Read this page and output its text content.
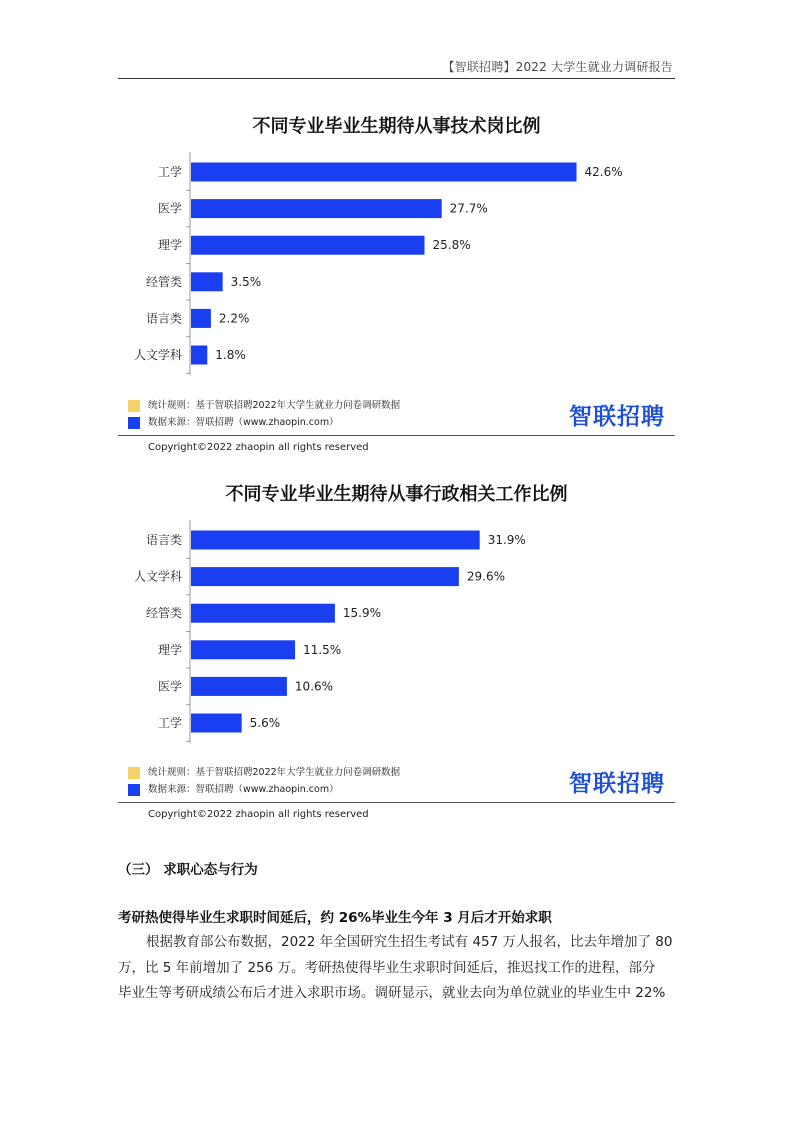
【智联招聘】2022 大学生就业力调研报告
不同专业毕业生期待从事技术岗比例
工学	42.6%
医学	27.7%
理学	25.8%
经管类	3.5%
语言类	2.2%
人文学科	1.8%
统计规则：基于智联招聘2022年大学生就业力问卷调研数据
数据来源：智联招聘（www.zhaopin.com）	智联招聘
Copyright©2022 zhaopin all rights reserved
不同专业毕业生期待从事行政相关工作比例
语言类	31.9%
人文学科	29.6%
经管类	15.9%
理学	11.5%
医学	10.6%
工学	5.6%
统计规则：基于智联招聘2022年大学生就业力问卷调研数据
数据来源：智联招聘（www.zhaopin.com）	智联招聘
Copyright©2022 zhaopin all rights reserved
（三） 求职心态与行为
考研热使得毕业生求职时间延后，约 26%毕业生今年 3 月后才开始求职
根据教育部公布数据，2022 年全国研究生招生考试有 457 万人报名，比去年增加了 80
万，比 5 年前增加了 256 万。考研热使得毕业生求职时间延后，推迟找工作的进程，部分
毕业生等考研成绩公布后才进入求职市场。调研显示，就业去向为单位就业的毕业生中 22%
